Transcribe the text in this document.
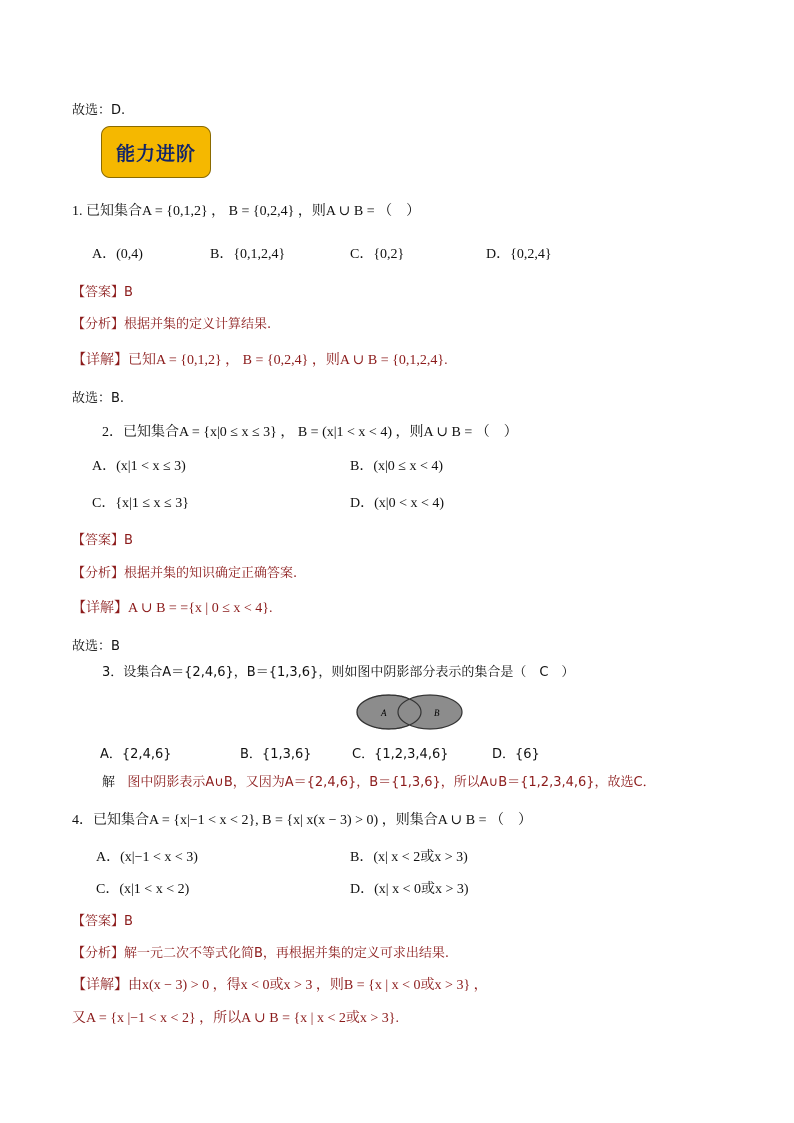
故选：D.
能力进阶
1. 已知集合A = {0,1,2} ， B = {0,2,4} ，则A ∪ B = （　）
A．(0,4)	B．{0,1,2,4}	C．{0,2}	D．{0,2,4}
【答案】B
【分析】根据并集的定义计算结果.
【详解】已知A = {0,1,2} ， B = {0,2,4} ，则A ∪ B = {0,1,2,4}.
故选：B.
2．已知集合A = {x|0 ≤ x ≤ 3} ， B = (x|1 < x < 4) ，则A ∪ B = （　）
A．(x|1 < x ≤ 3)	B．(x|0 ≤ x < 4)
C．{x|1 ≤ x ≤ 3}	D．(x|0 < x < 4)
【答案】B
【分析】根据并集的知识确定正确答案.
【详解】A ∪ B = ={x | 0 ≤ x < 4}.
故选：B
3．设集合A＝{2,4,6}，B＝{1,3,6}，则如图中阴影部分表示的集合是（　C　）
A	B
A．{2,4,6}	B．{1,3,6}	C．{1,2,3,4,6}	D．{6}
解 图中阴影表示A∪B，又因为A＝{2,4,6}，B＝{1,3,6}，所以A∪B＝{1,2,3,4,6}，故选C．
4．已知集合A = {x|−1 < x < 2}, B = {x| x(x − 3) > 0) ，则集合A ∪ B = （　）
A．(x|−1 < x < 3)	B．(x| x < 2或x > 3)
C．(x|1 < x < 2)	D．(x| x < 0或x > 3)
【答案】B
【分析】解一元二次不等式化简B，再根据并集的定义可求出结果.
【详解】由x(x − 3) > 0 ，得x < 0或x > 3 ，则B = {x | x < 0或x > 3} ，
又A = {x |−1 < x < 2} ，所以A ∪ B = {x | x < 2或x > 3}.
